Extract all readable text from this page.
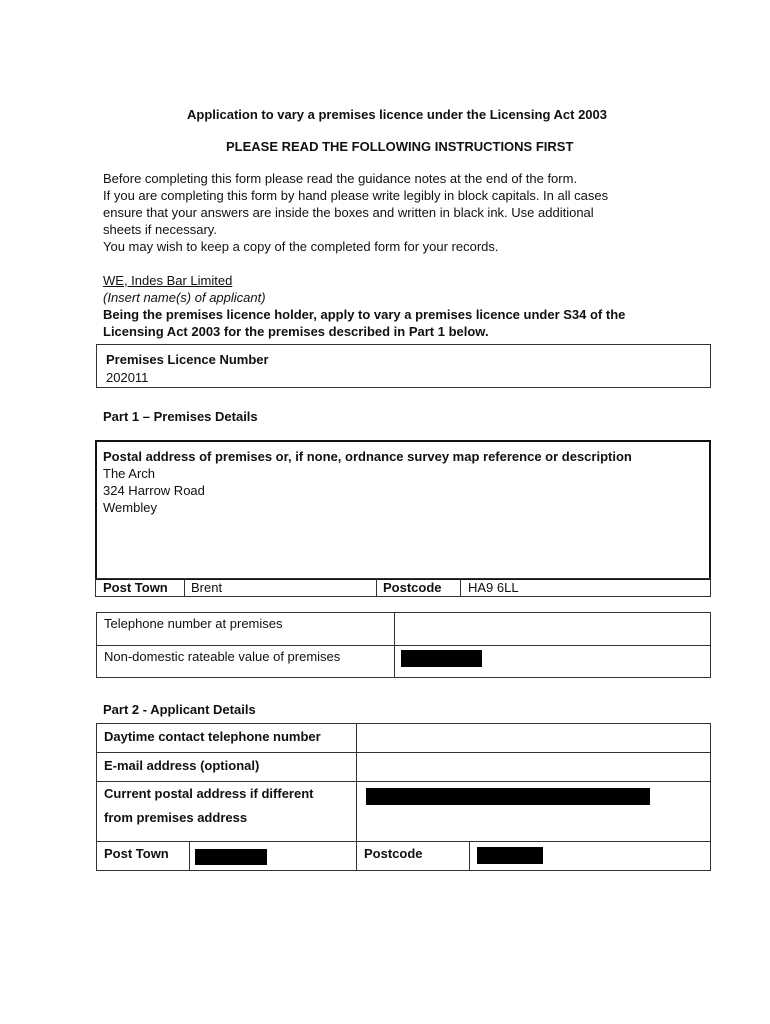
Application to vary a premises licence under the Licensing Act 2003
PLEASE READ THE FOLLOWING INSTRUCTIONS FIRST
Before completing this form please read the guidance notes at the end of the form.
If you are completing this form by hand please write legibly in block capitals. In all cases
ensure that your answers are inside the boxes and written in black ink. Use additional
sheets if necessary.
You may wish to keep a copy of the completed form for your records.
WE, Indes Bar Limited
(Insert name(s) of applicant)
Being the premises licence holder, apply to vary a premises licence under S34 of the
Licensing Act 2003 for the premises described in Part 1 below.
Premises Licence Number
202011
Part 1 – Premises Details
Postal address of premises or, if none, ordnance survey map reference or description
The Arch
324 Harrow Road
Wembley
Post Town Brent	Postcode HA9 6LL
Telephone number at premises
Non-domestic rateable value of premises
Part 2 - Applicant Details
Daytime contact telephone number
E-mail address (optional)
Current postal address if different
from premises address
Post Town	Postcode
